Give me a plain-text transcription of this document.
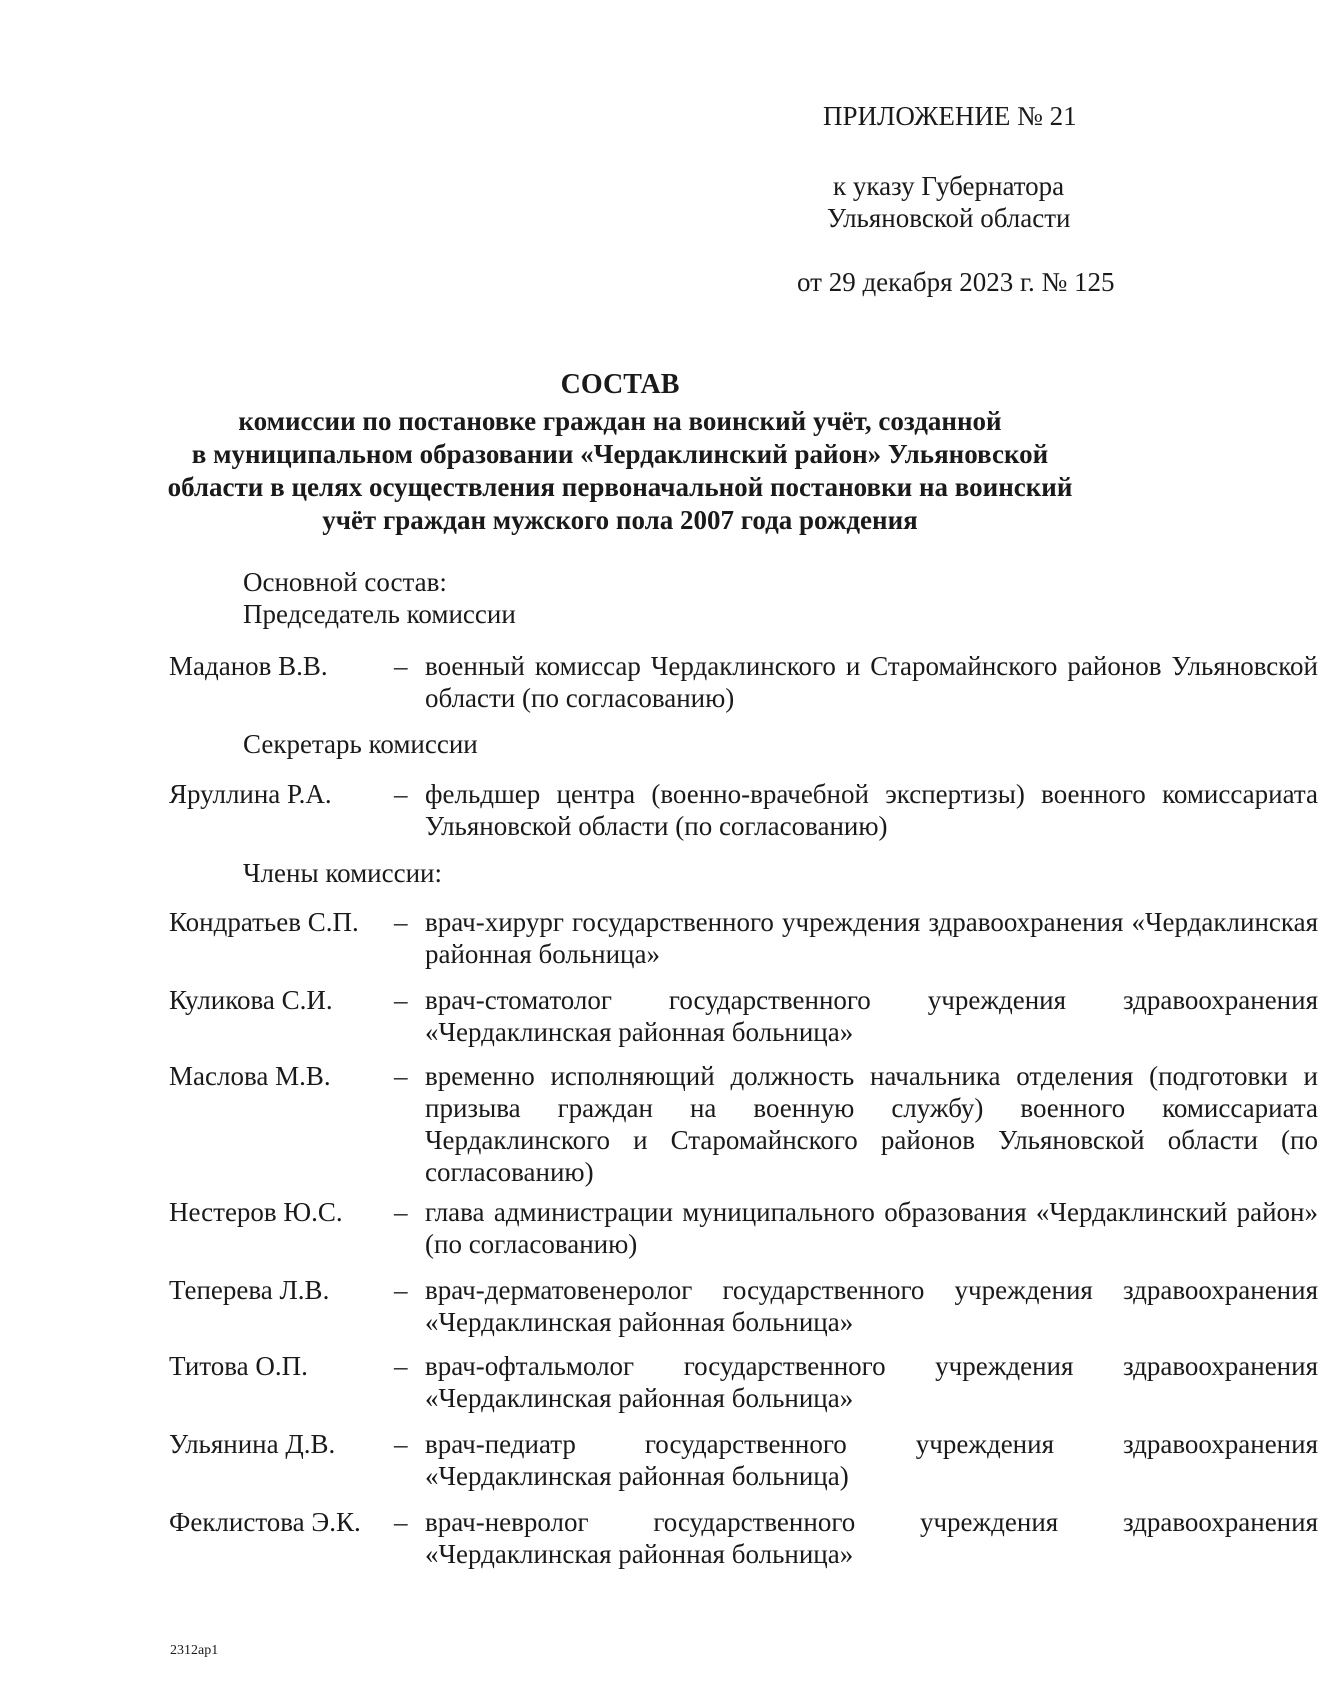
ПРИЛОЖЕНИЕ № 21
к указу Губернатора
Ульяновской области
от 29 декабря 2023 г. № 125
СОСТАВ
комиссии по постановке граждан на воинский учёт, созданной
в муниципальном образовании «Чердаклинский район» Ульяновской
области в целях осуществления первоначальной постановки на воинский
учёт граждан мужского пола 2007 года рождения
Основной состав:
Председатель комиссии
Маданов В.В. – военный комиссар Чердаклинского и Старомайнского районов Ульяновской области (по согласованию)
Секретарь комиссии
Яруллина Р.А. – фельдшер центра (военно-врачебной экспертизы) военного комиссариата Ульяновской области (по согласованию)
Члены комиссии:
Кондратьев С.П. – врач-хирург государственного учреждения здравоохранения «Чердаклинская районная больница»
Куликова С.И. – врач-стоматолог государственного учреждения здравоохранения «Чердаклинская районная больница»
Маслова М.В. – временно исполняющий должность начальника отделения (подготовки и призыва граждан на военную службу) военного комиссариата Чердаклинского и Старомайнского районов Ульяновской области (по согласованию)
Нестеров Ю.С. – глава администрации муниципального образования «Чердаклинский район» (по согласованию)
Теперева Л.В. – врач-дерматовенеролог государственного учреждения здравоохранения «Чердаклинская районная больница»
Титова О.П.	– врач-офтальмолог государственного учреждения здравоохранения «Чердаклинская районная больница»
Ульянина Д.В. – врач-педиатр государственного учреждения здравоохранения «Чердаклинская районная больница)
Феклистова Э.К. – врач-невролог государственного учреждения здравоохранения «Чердаклинская районная больница»
2312ap1
